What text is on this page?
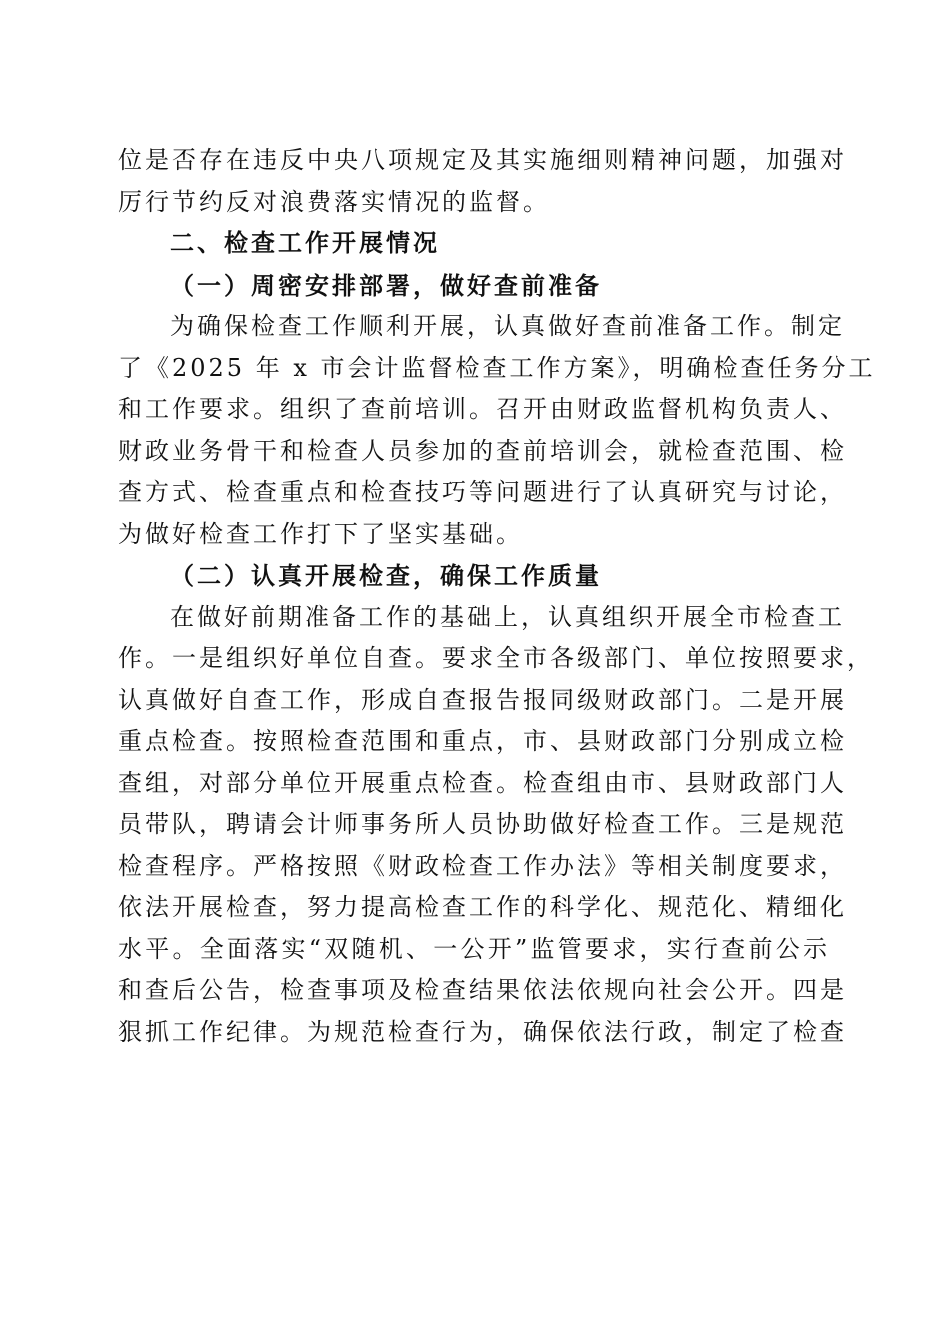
位是否存在违反中央八项规定及其实施细则精神问题，加强对
厉行节约反对浪费落实情况的监督。
二、检查工作开展情况
（一）周密安排部署，做好查前准备
为确保检查工作顺利开展，认真做好查前准备工作。制定
了《2025 年 x 市会计监督检查工作方案》，明确检查任务分工
和工作要求。组织了查前培训。召开由财政监督机构负责人、
财政业务骨干和检查人员参加的查前培训会，就检查范围、检
查方式、检查重点和检查技巧等问题进行了认真研究与讨论，
为做好检查工作打下了坚实基础。
（二）认真开展检查，确保工作质量
在做好前期准备工作的基础上，认真组织开展全市检查工
作。一是组织好单位自查。要求全市各级部门、单位按照要求，
认真做好自查工作，形成自查报告报同级财政部门。二是开展
重点检查。按照检查范围和重点，市、县财政部门分别成立检
查组，对部分单位开展重点检查。检查组由市、县财政部门人
员带队，聘请会计师事务所人员协助做好检查工作。三是规范
检查程序。严格按照《财政检查工作办法》等相关制度要求，
依法开展检查，努力提高检查工作的科学化、规范化、精细化
水平。全面落实“双随机、一公开”监管要求，实行查前公示
和查后公告，检查事项及检查结果依法依规向社会公开。四是
狠抓工作纪律。为规范检查行为，确保依法行政，制定了检查
